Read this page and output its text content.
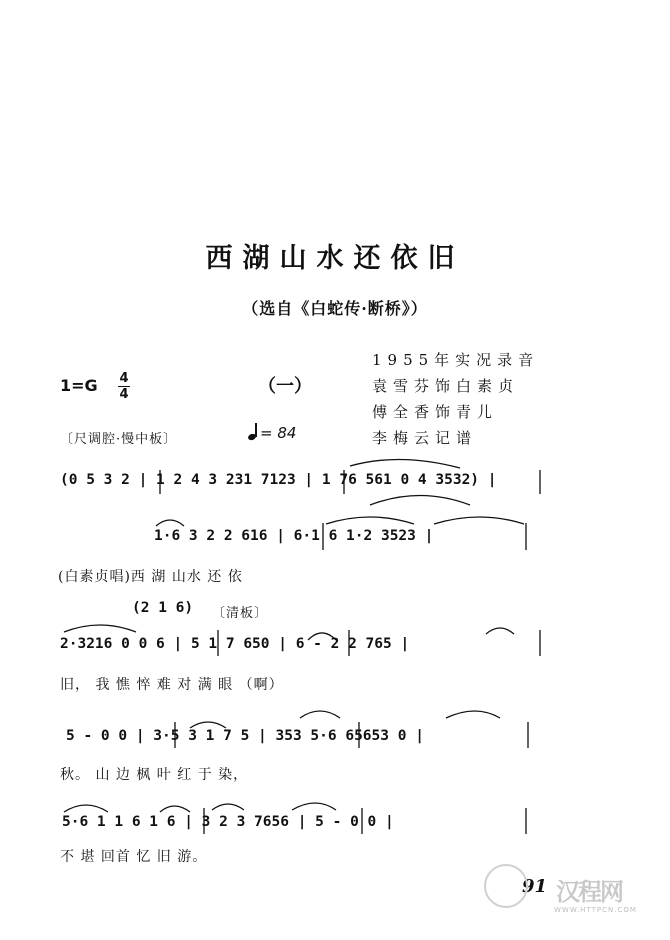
西湖山水还依旧
（选自《白蛇传·断桥》）
1955年实况录音
袁雪芬饰白素贞
傅全香饰青儿
李梅云记谱
1=G 4
4	（一）
〔尺调腔·慢中板〕	= 84
(0 5 3 2 | 1 2 4 3 231 7123 | 1 76 561 0 4 3532) |
1·6 3 2 2 616 | 6·1 6 1·2 3523 |
(白素贞唱)西 湖 山水 还 依
(2 1 6) 〔清板〕
2·3216 0 0 6 | 5 1 7 650 | 6 - 2 2 765 |
旧， 我 憔 悴 难 对 满 眼 （啊）
5 - 0 0 | 3·5 3 1 7 5 | 353 5·6 65653 0 |
秋。 山 边 枫 叶 红 于 染，
5·6 1 1 6 1 6 | 3 2 3 7656 | 5 - 0 0 |
不 堪 回首 忆 旧 游。
91 汉程网
WWW.HTTPCN.COM
